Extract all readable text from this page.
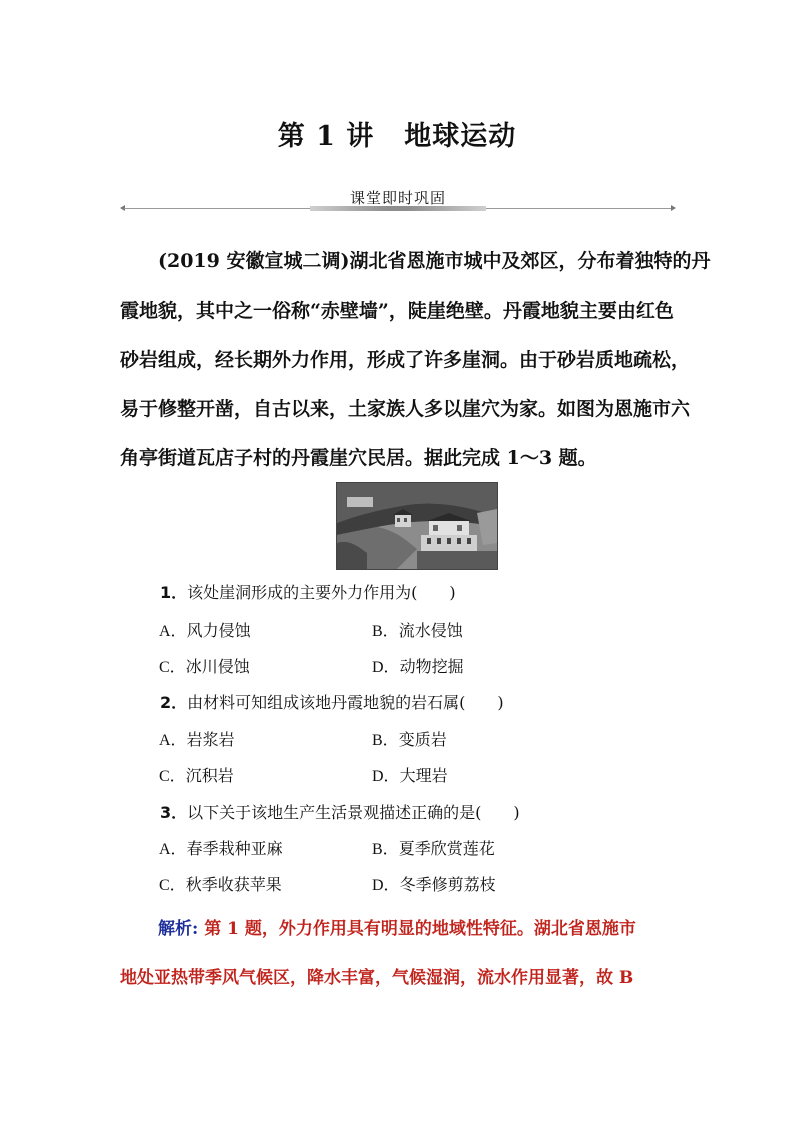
第 1 讲 地球运动
课堂即时巩固
(2019 安徽宣城二调)湖北省恩施市城中及郊区，分布着独特的丹
霞地貌，其中之一俗称“赤壁墙”，陡崖绝壁。丹霞地貌主要由红色
砂岩组成，经长期外力作用，形成了许多崖洞。由于砂岩质地疏松，
易于修整开凿，自古以来，土家族人多以崖穴为家。如图为恩施市六
角亭街道瓦店子村的丹霞崖穴民居。据此完成 1～3 题。
1．该处崖洞形成的主要外力作用为(　　)
A．风力侵蚀	B．流水侵蚀
C．冰川侵蚀	D．动物挖掘
2．由材料可知组成该地丹霞地貌的岩石属(　　)
A．岩浆岩	B．变质岩
C．沉积岩	D．大理岩
3．以下关于该地生产生活景观描述正确的是(　　)
A．春季栽种亚麻	B．夏季欣赏莲花
C．秋季收获苹果	D．冬季修剪荔枝
解析: 第 1 题，外力作用具有明显的地域性特征。湖北省恩施市
地处亚热带季风气候区，降水丰富，气候湿润，流水作用显著，故 B
